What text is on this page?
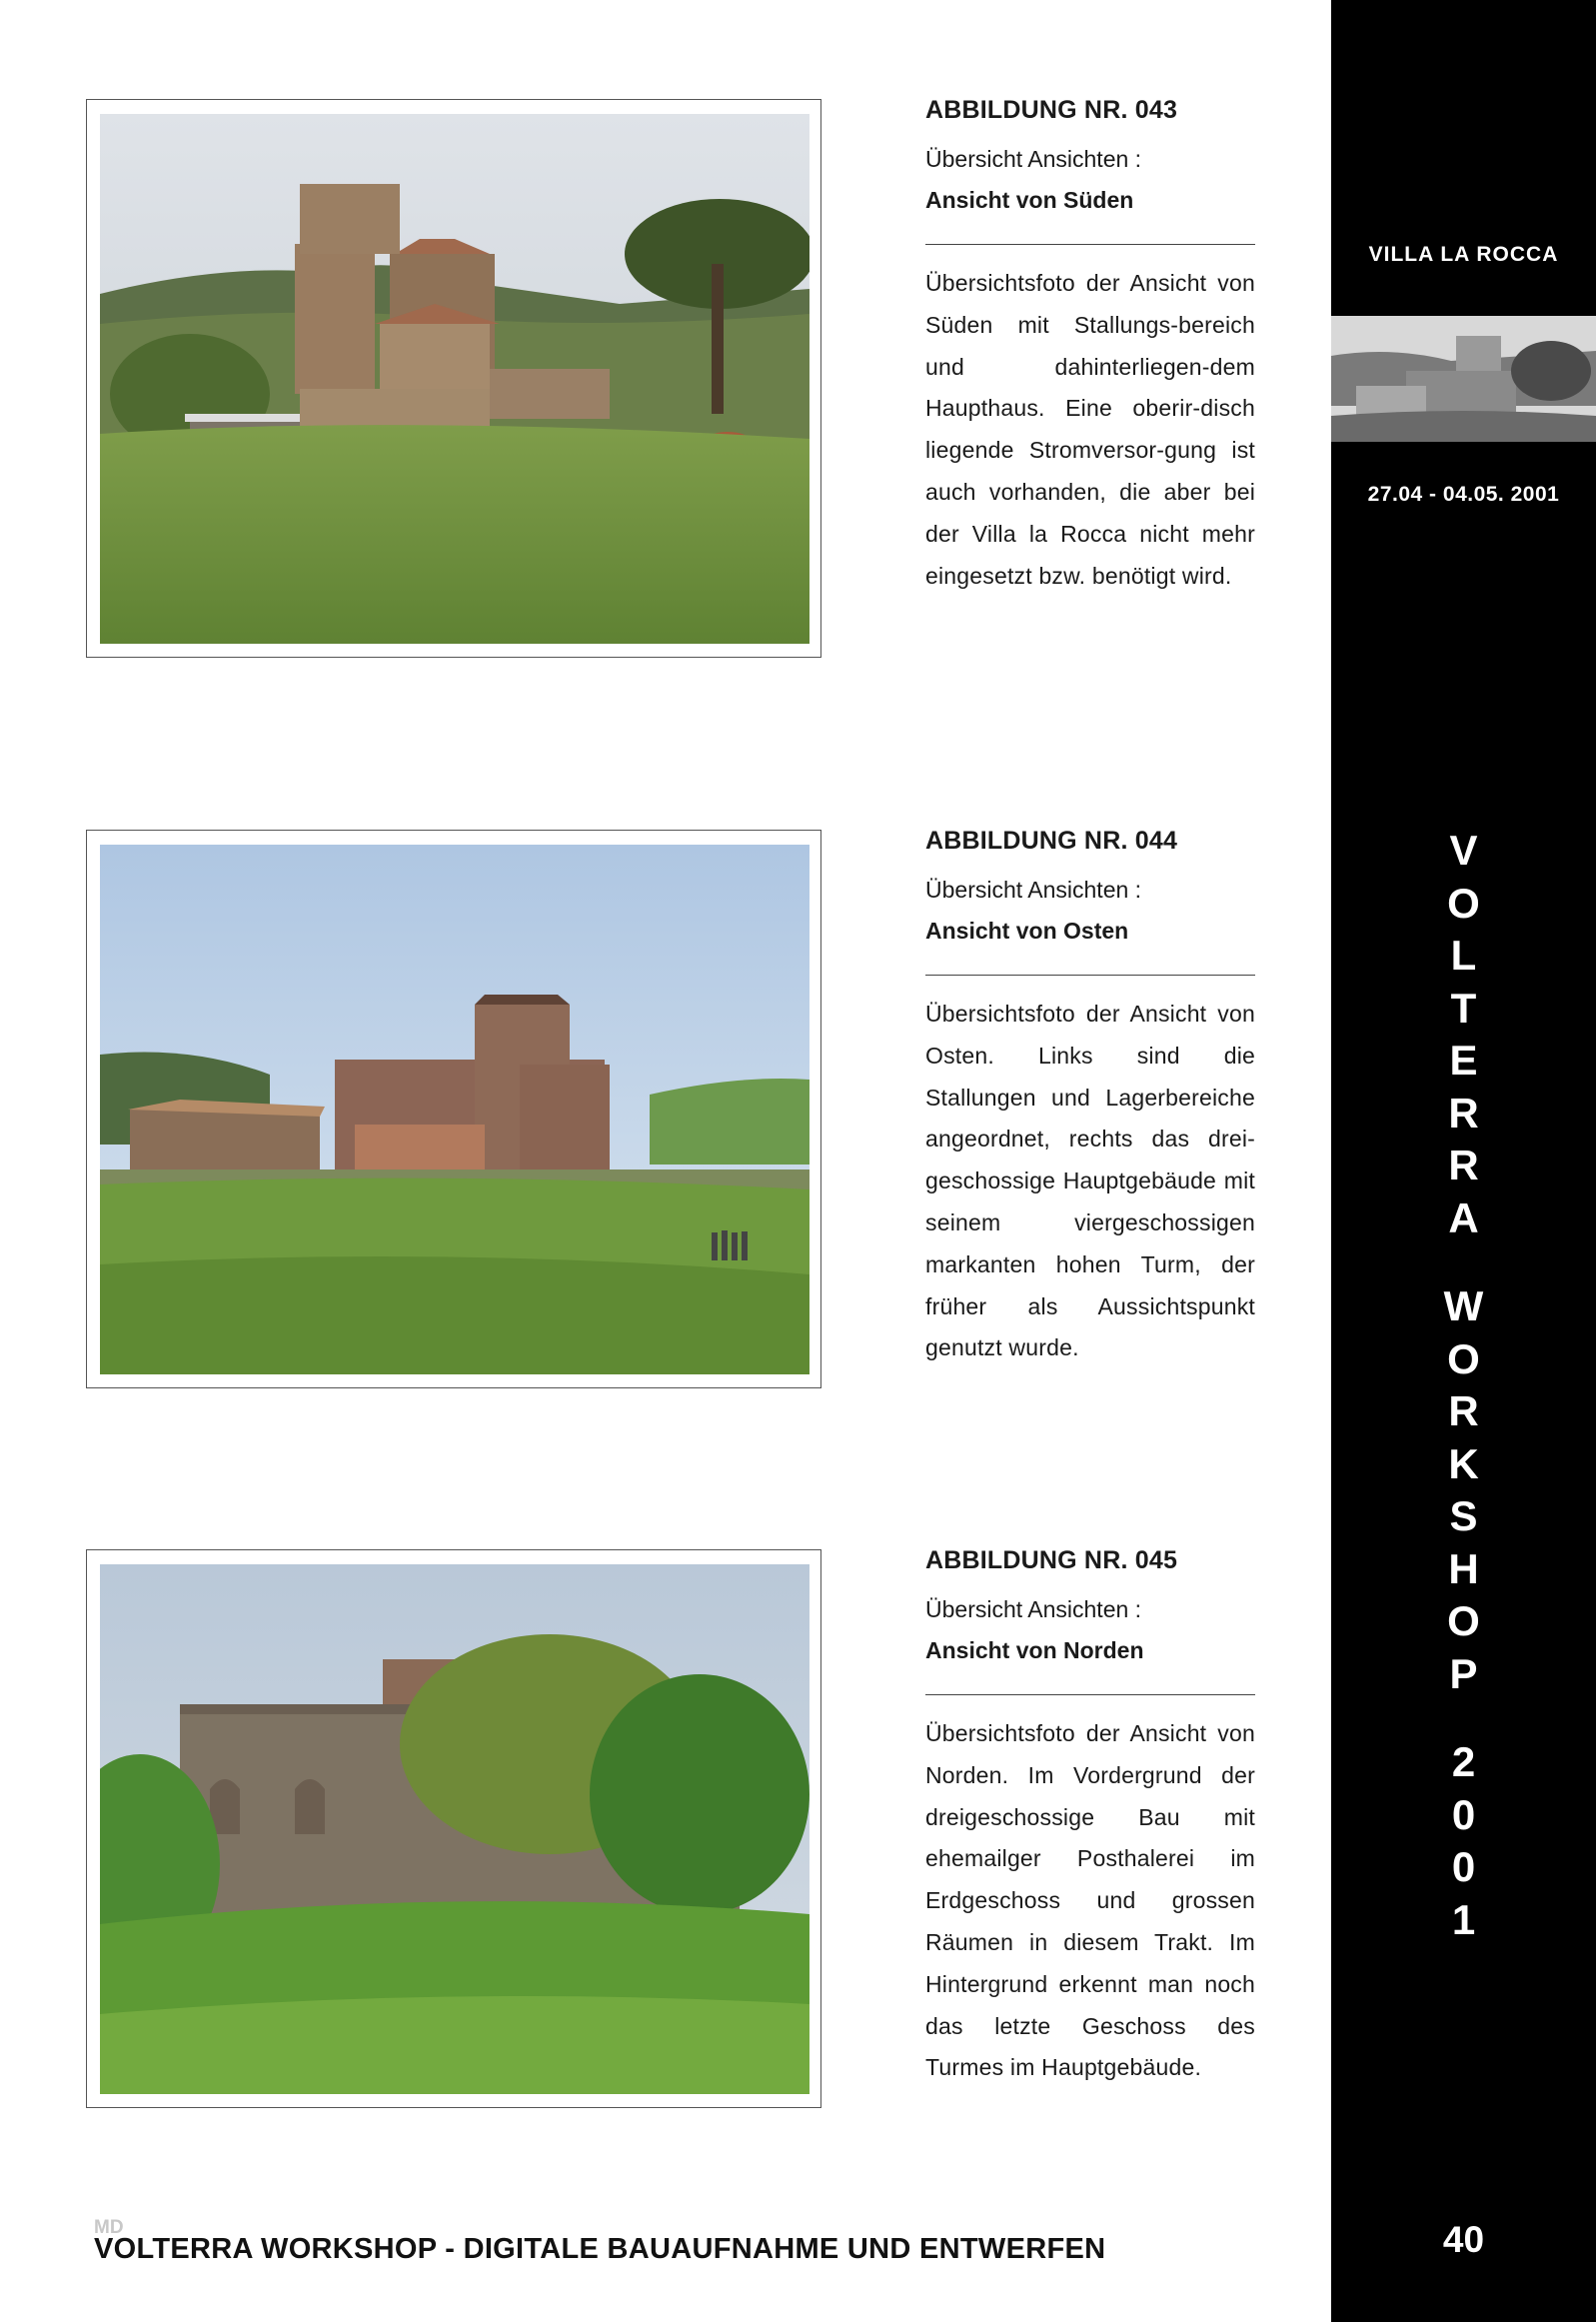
ABBILDUNG NR. 043
Übersicht Ansichten :
Ansicht von Süden
Übersichtsfoto der Ansicht von Süden mit Stallungs-bereich und dahinterliegen-dem Haupthaus. Eine oberir-disch liegende Stromversor-gung ist auch vorhanden, die aber bei der Villa la Rocca nicht mehr eingesetzt bzw. benötigt wird.
ABBILDUNG NR. 044
Übersicht Ansichten :
Ansicht von Osten
Übersichtsfoto der Ansicht von Osten. Links sind die Stallungen und Lagerbereiche angeordnet, rechts das drei-geschossige Hauptgebäude mit seinem viergeschossigen markanten hohen Turm, der früher als Aussichtspunkt genutzt wurde.
ABBILDUNG NR. 045
Übersicht Ansichten :
Ansicht von Norden
Übersichtsfoto der Ansicht von Norden. Im Vordergrund der dreigeschossige Bau mit ehemailger Posthalerei im Erdgeschoss und grossen Räumen in diesem Trakt. Im Hintergrund erkennt man noch das letzte Geschoss des Turmes im Hauptgebäude.
VILLA LA ROCCA
27.04 - 04.05. 2001
V
O
L
T
E
R
R
A
W
O
R
K
S
H
O
P
2
0
0
1
40
MD
VOLTERRA WORKSHOP - DIGITALE BAUAUFNAHME UND ENTWERFEN
